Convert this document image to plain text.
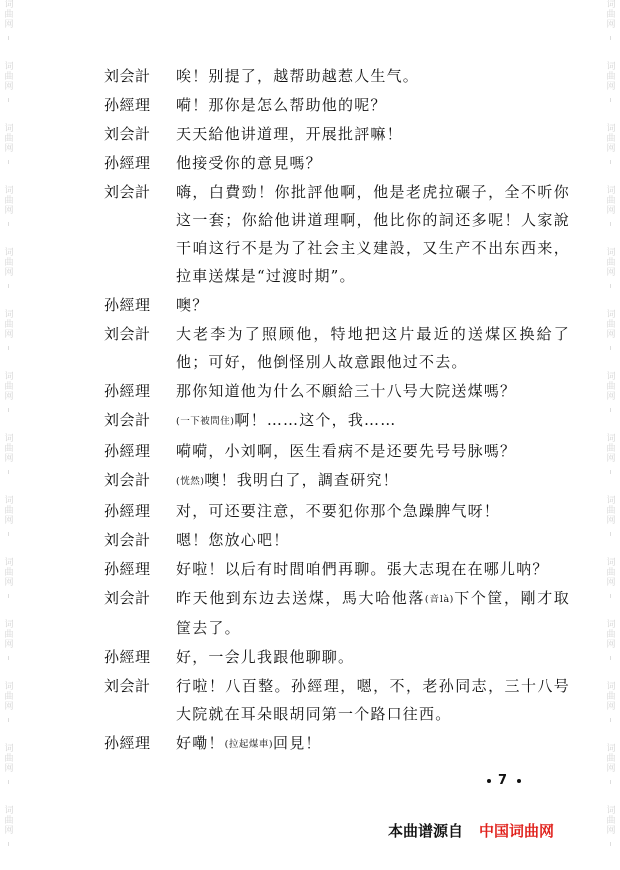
词
曲
网
词
曲
网
词
曲
网
词
曲
网
词
曲
网
词
曲
网
词
曲
网
词
曲
网
词
曲
网
词
曲
网
词
曲
网
词
曲
网
词
曲
网
词
曲
网
词
曲
网
词
曲
网
词
曲
网
词
曲
网
词
曲
网
词
曲
网
词
曲
网
词
曲
网
词
曲
网
词
曲
网
词
曲
网
词
曲
网
词
曲
网
词
曲
网
刘会計	唉！别提了，越帮助越惹人生气。
孙經理	嗬！那你是怎么帮助他的呢？
刘会計	天天給他讲道理，开展批評嘛！
孙經理	他接受你的意見嗎？
刘会計	嗨，白費勁！你批評他啊，他是老虎拉碾子，全不听你这一套；你給他讲道理啊，他比你的詞还多呢！人家說干咱这行不是为了社会主义建設，又生产不出东西来，拉車送煤是“过渡时期”。
孙經理	噢？
刘会計	大老李为了照顾他，特地把这片最近的送煤区换給了他；可好，他倒怪別人故意跟他过不去。
孙經理	那你知道他为什么不願給三十八号大院送煤嗎？
刘会計	(一下被問住)啊！……这个，我……
孙經理	嗬嗬，小刘啊，医生看病不是还要先号号脉嗎？
刘会計	(恍然)噢！我明白了，調查研究！
孙經理	对，可还要注意，不要犯你那个急躁脾气呀！
刘会計	嗯！您放心吧！
孙經理	好啦！以后有时間咱們再聊。張大志現在在哪儿呐？
刘会計	昨天他到东边去送煤，馬大哈他落(音là)下个筐，剛才取筐去了。
孙經理	好，一会儿我跟他聊聊。
刘会計	行啦！八百整。孙經理，嗯，不，老孙同志，三十八号大院就在耳朵眼胡同第一个路口往西。
孙經理	好嘞！(拉起煤車)回見！
7
本曲谱源自 中国词曲网
